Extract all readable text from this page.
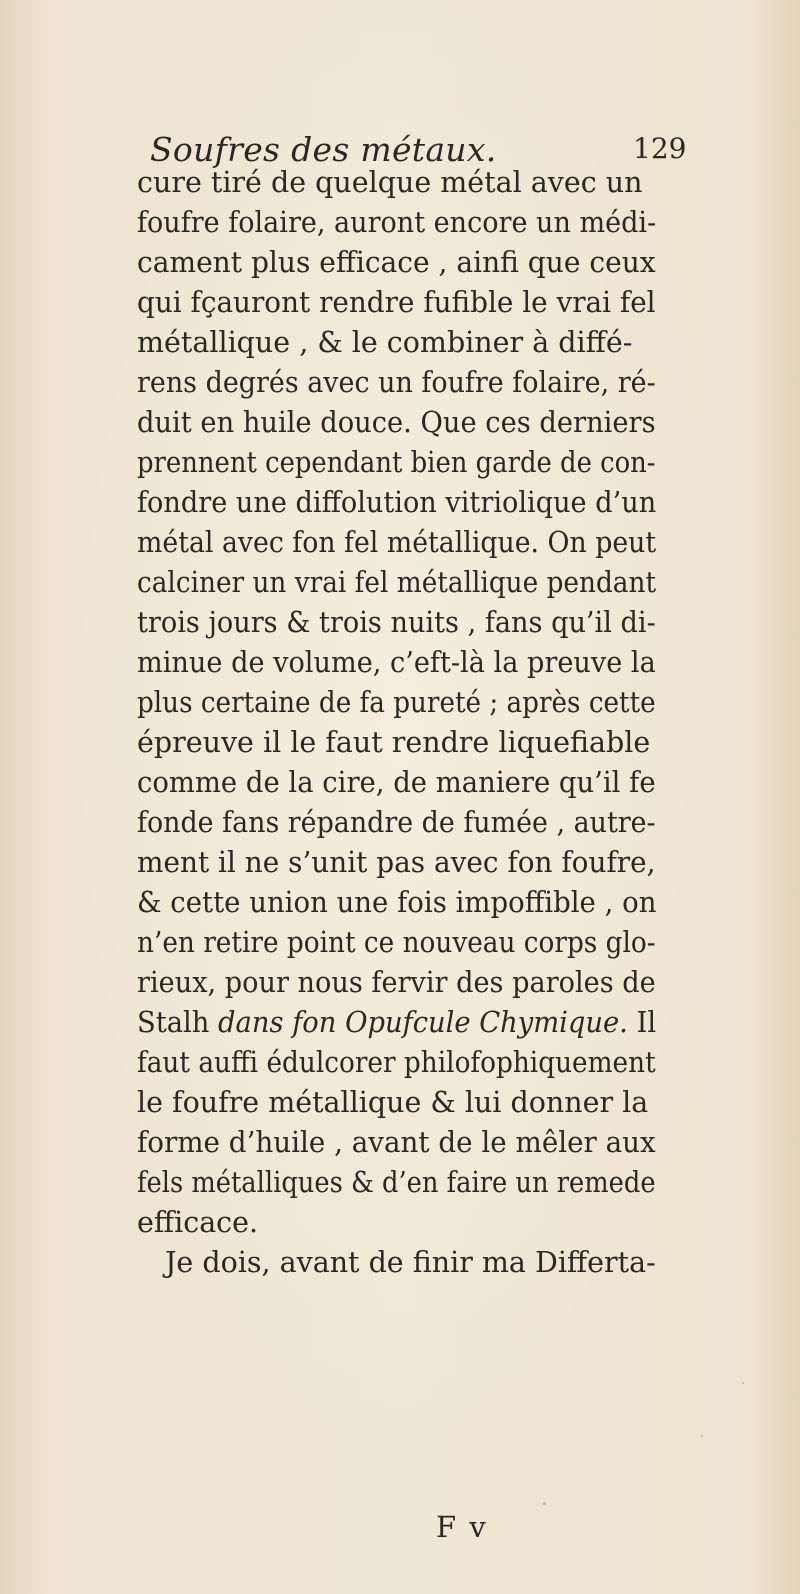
Soufres des métaux.	129
cure tiré de quelque métal avec un
foufre folaire, auront encore un médi-
cament plus efficace , ainfi que ceux
qui fçauront rendre fufible le vrai fel
métallique , & le combiner à diffé-
rens degrés avec un foufre folaire, ré-
duit en huile douce. Que ces derniers
prennent cependant bien garde de con-
fondre une diffolution vitriolique d’un
métal avec fon fel métallique. On peut
calciner un vrai fel métallique pendant
trois jours & trois nuits , fans qu’il di-
minue de volume, c’eft-là la preuve la
plus certaine de fa pureté ; après cette
épreuve il le faut rendre liquefiable
comme de la cire, de maniere qu’il fe
fonde fans répandre de fumée , autre-
ment il ne s’unit pas avec fon foufre,
& cette union une fois impoffible , on
n’en retire point ce nouveau corps glo-
rieux, pour nous fervir des paroles de
Stalh dans fon Opufcule Chymique. Il
faut auffi édulcorer philofophiquement
le foufre métallique & lui donner la
forme d’huile , avant de le mêler aux
fels métalliques & d’en faire un remede
efficace.
Je dois, avant de finir ma Differta-
F v
